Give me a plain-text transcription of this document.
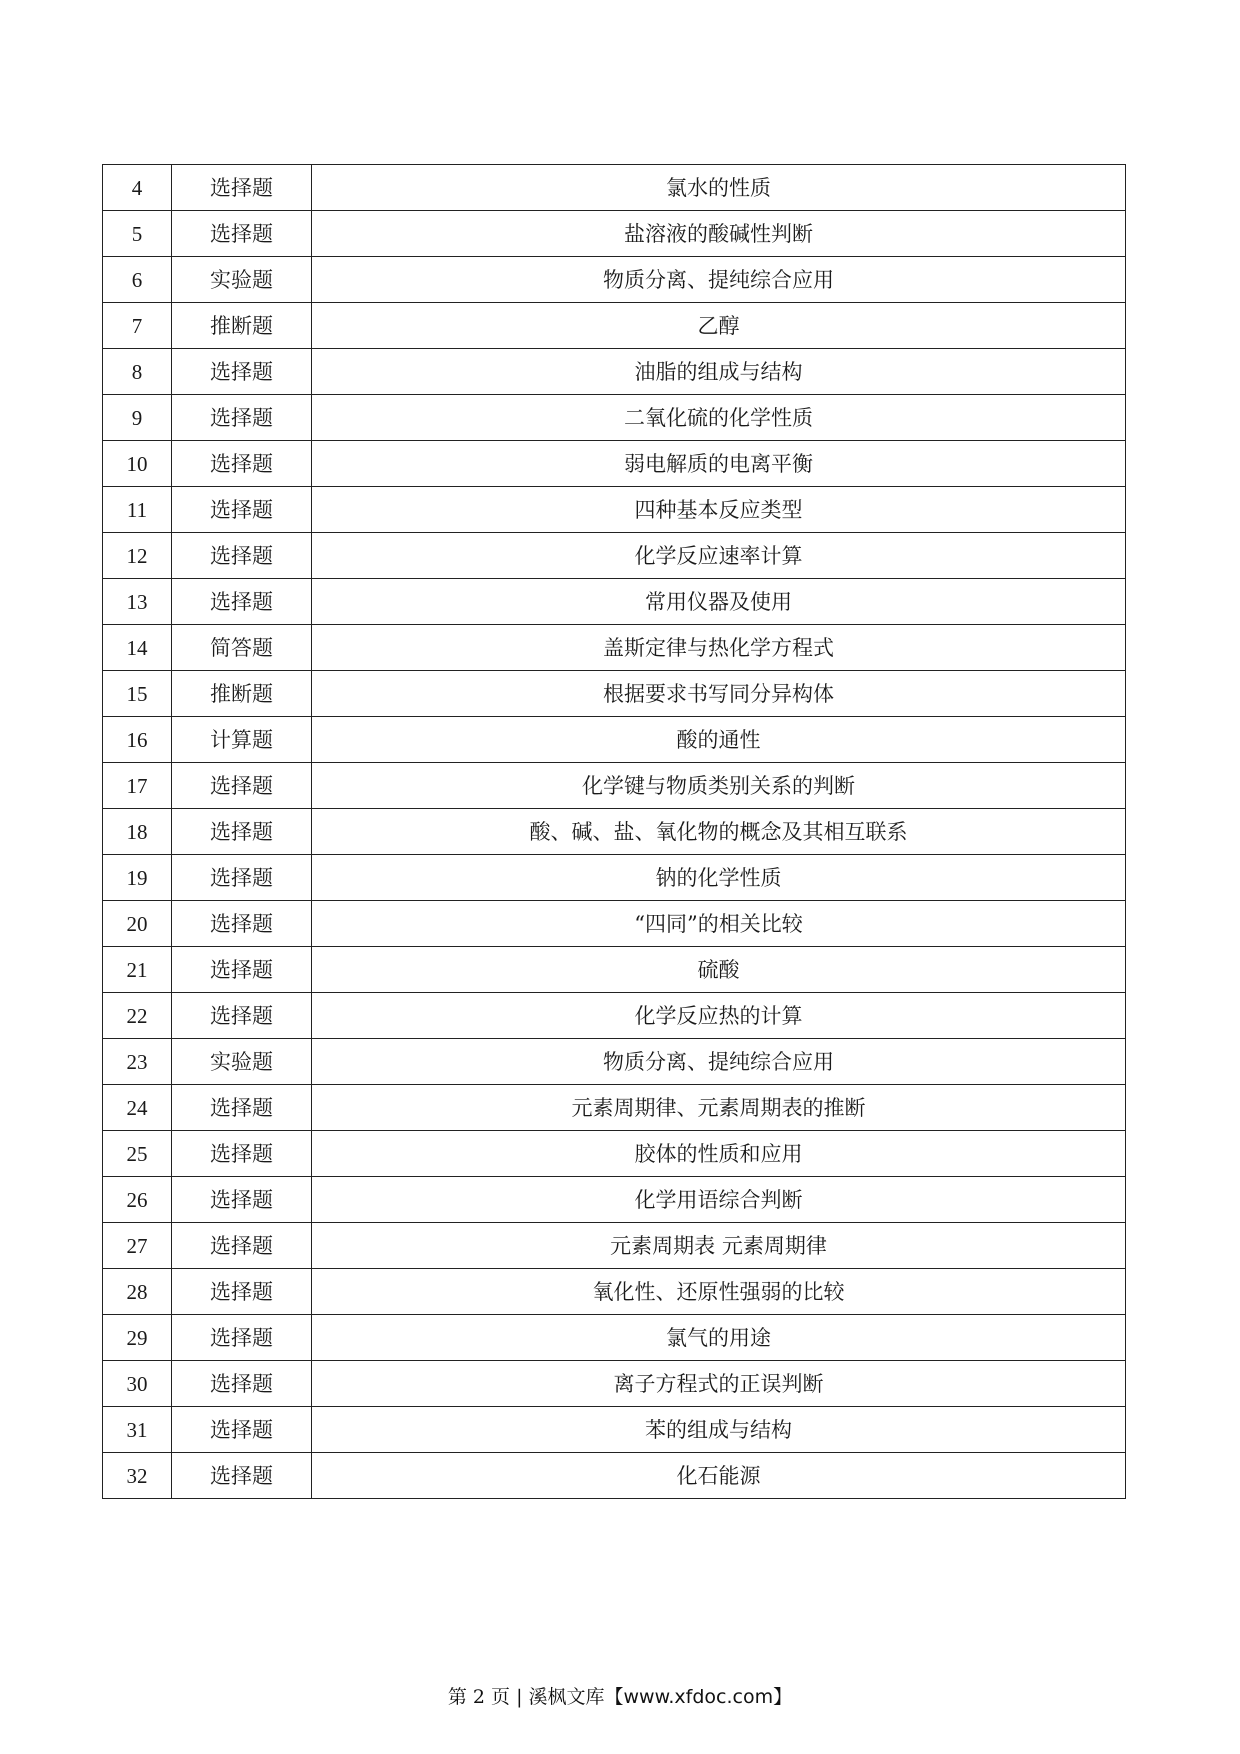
4	选择题	氯水的性质
5	选择题	盐溶液的酸碱性判断
6	实验题	物质分离、提纯综合应用
7	推断题	乙醇
8	选择题	油脂的组成与结构
9	选择题	二氧化硫的化学性质
10	选择题	弱电解质的电离平衡
11	选择题	四种基本反应类型
12	选择题	化学反应速率计算
13	选择题	常用仪器及使用
14	简答题	盖斯定律与热化学方程式
15	推断题	根据要求书写同分异构体
16	计算题	酸的通性
17	选择题	化学键与物质类别关系的判断
18	选择题	酸、碱、盐、氧化物的概念及其相互联系
19	选择题	钠的化学性质
20	选择题	“四同”的相关比较
21	选择题	硫酸
22	选择题	化学反应热的计算
23	实验题	物质分离、提纯综合应用
24	选择题	元素周期律、元素周期表的推断
25	选择题	胶体的性质和应用
26	选择题	化学用语综合判断
27	选择题	元素周期表 元素周期律
28	选择题	氧化性、还原性强弱的比较
29	选择题	氯气的用途
30	选择题	离子方程式的正误判断
31	选择题	苯的组成与结构
32	选择题	化石能源
第 2 页 | 溪枫文库【www.xfdoc.com】
